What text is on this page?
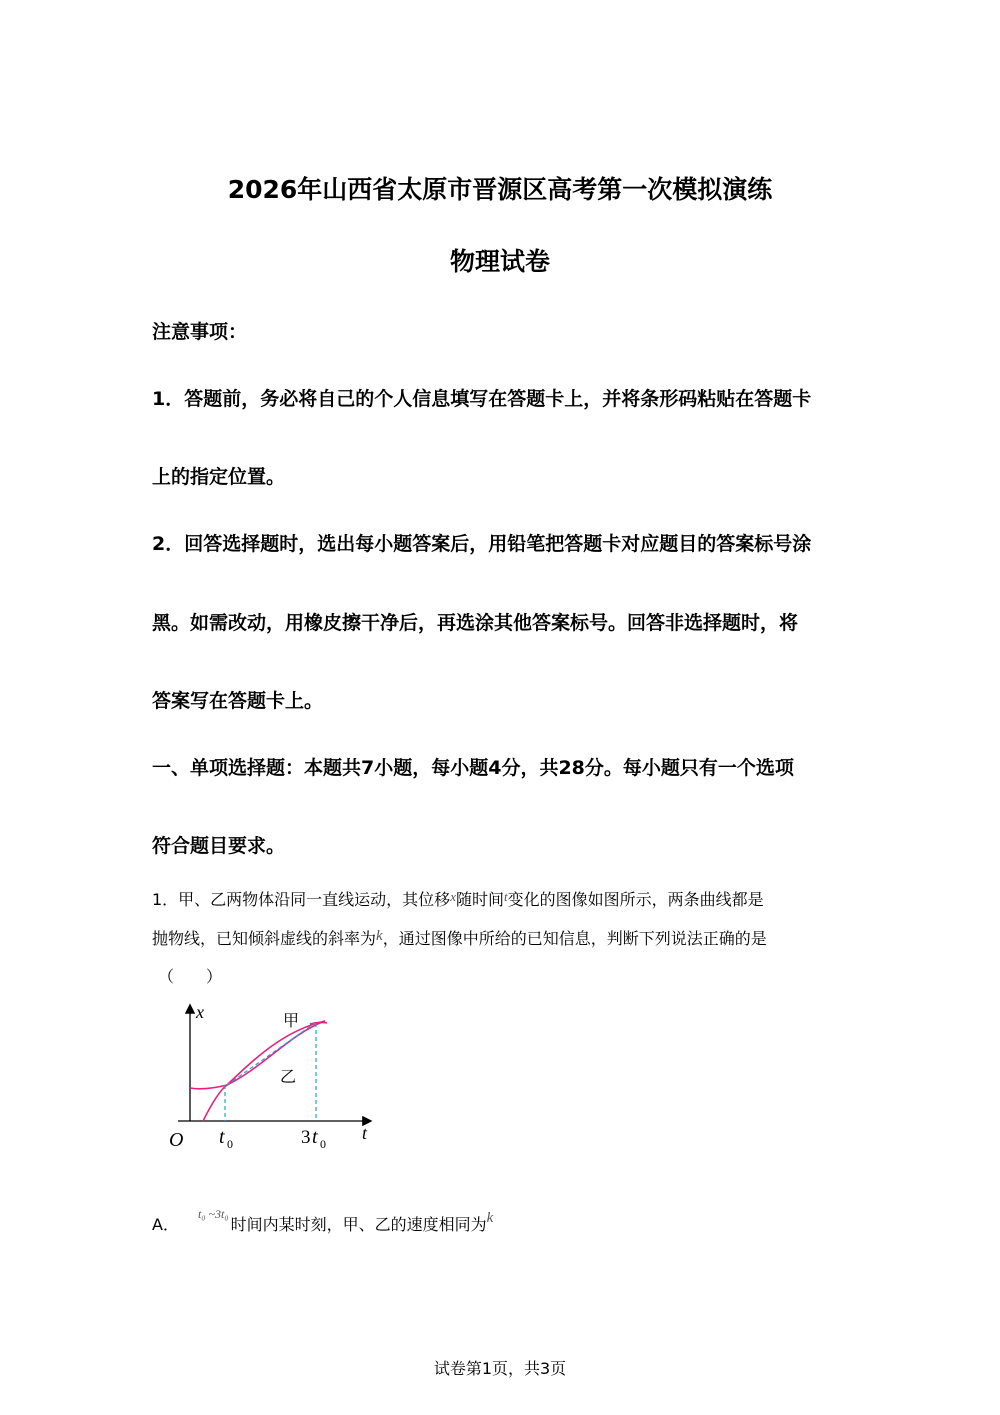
2026年山西省太原市晋源区高考第一次模拟演练
物理试卷
注意事项：
1．答题前，务必将自己的个人信息填写在答题卡上，并将条形码粘贴在答题卡
上的指定位置。
2．回答选择题时，选出每小题答案后，用铅笔把答题卡对应题目的答案标号涂
黑。如需改动，用橡皮擦干净后，再选涂其他答案标号。回答非选择题时，将
答案写在答题卡上。
一、单项选择题：本题共7小题，每小题4分，共28分。每小题只有一个选项
符合题目要求。
1．甲、乙两物体沿同一直线运动，其位移$^x$随时间$^t$变化的图像如图所示，两条曲线都是
抛物线，已知倾斜虚线的斜率为k，通过图像中所给的已知信息，判断下列说法正确的是
（　　）
x
t
O t 0	3 t 0
甲
乙
A． $^{t_0 \sim 3t_0}$时间内某时刻，甲、乙的速度相同为k
试卷第1页，共3页
